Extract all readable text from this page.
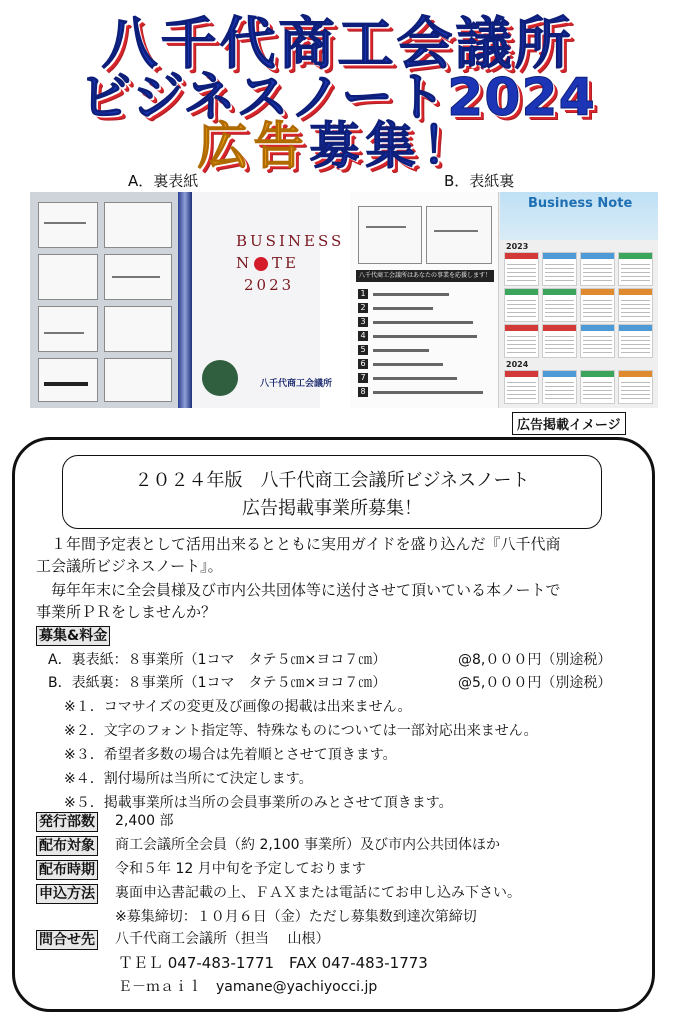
八千代商工会議所
ビジネスノート2024
広告募集！
A．裏表紙	B．表紙裏
BUSINESS
N TE
2023
八千代商工会議所
八千代商工会議所はあなたの事業を応援します！
1
2
3
4
5
6
7
8
Business Note
2023
2024
広告掲載イメージ
２０２４年版　八千代商工会議所ビジネスノート
広告掲載事業所募集！
　１年間予定表として活用出来るとともに実用ガイドを盛り込んだ『八千代商
工会議所ビジネスノート』。
　毎年年末に全会員様及び市内公共団体等に送付させて頂いている本ノートで
事業所ＰＲをしませんか？
募集&料金
A．裏表紙：８事業所（1コマ　タテ５㎝×ヨコ７㎝）	@8,０００円（別途税）
B．表紙裏：８事業所（1コマ　タテ５㎝×ヨコ７㎝）	@5,０００円（別途税）
※１．コマサイズの変更及び画像の掲載は出来ません。
※２．文字のフォント指定等、特殊なものについては一部対応出来ません。
※３．希望者多数の場合は先着順とさせて頂きます。
※４．割付場所は当所にて決定します。
※５．掲載事業所は当所の会員事業所のみとさせて頂きます。
発行部数 2,400 部
配布対象 商工会議所全会員（約 2,100 事業所）及び市内公共団体ほか
配布時期 令和５年 12 月中旬を予定しております
申込方法 裏面申込書記載の上、ＦＡＸまたは電話にてお申し込み下さい。
※募集締切：１０月６日（金）ただし募集数到達次第締切
問合せ先 八千代商工会議所（担当　 山根）
ＴＥＬ 047-483-1771　FAX 047-483-1773
Ｅ－ｍａｉｌ　yamane@yachiyocci.jp
